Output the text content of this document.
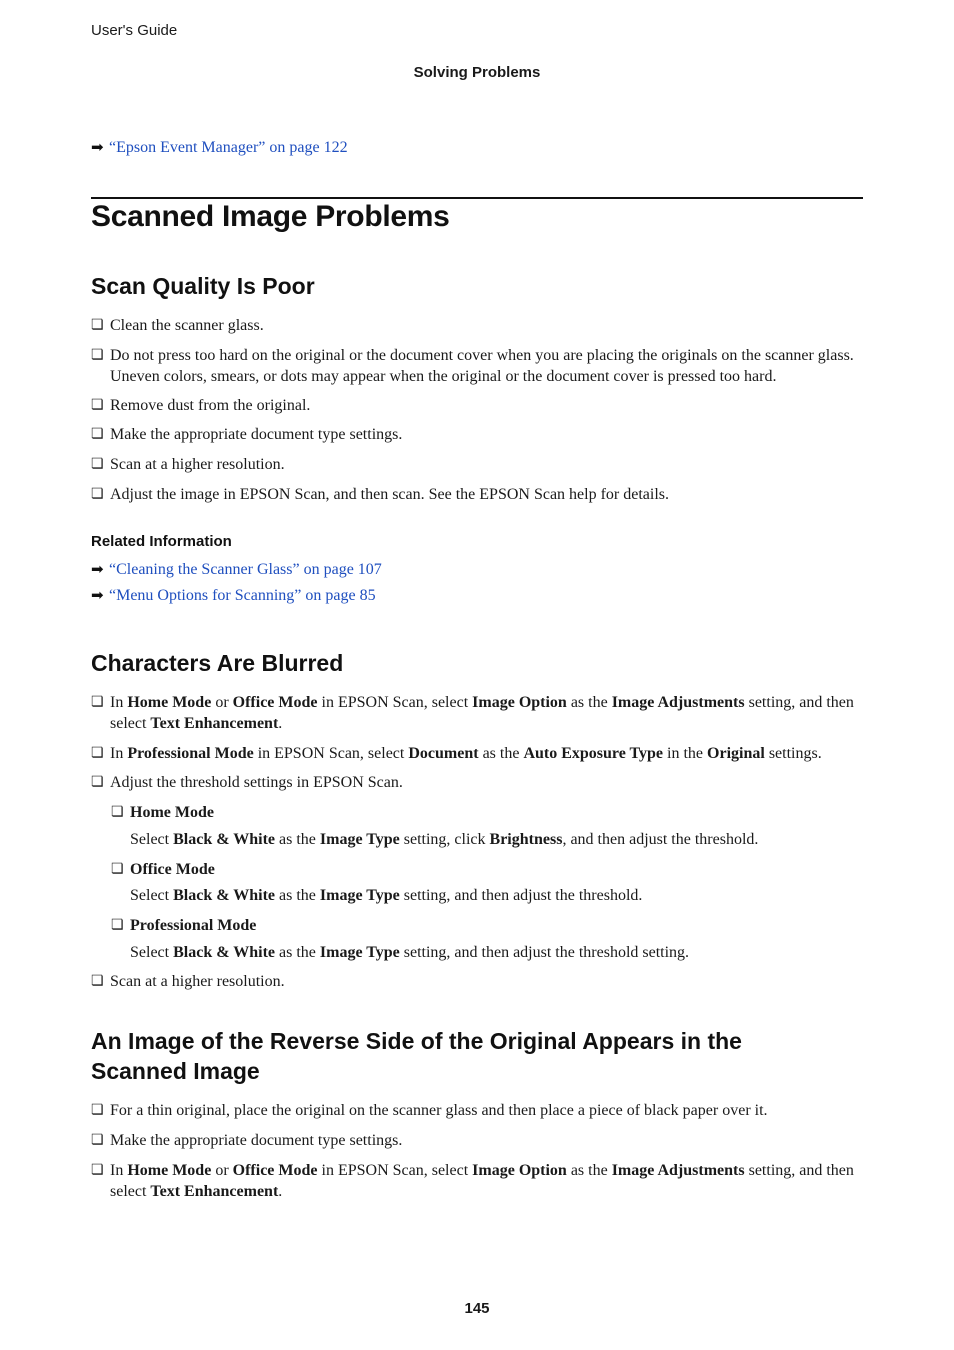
User's Guide
Solving Problems
➡ “Epson Event Manager” on page 122
Scanned Image Problems
Scan Quality Is Poor
❏ Clean the scanner glass.
❏ Do not press too hard on the original or the document cover when you are placing the originals on the scanner glass. Uneven colors, smears, or dots may appear when the original or the document cover is pressed too hard.
❏ Remove dust from the original.
❏ Make the appropriate document type settings.
❏ Scan at a higher resolution.
❏ Adjust the image in EPSON Scan, and then scan. See the EPSON Scan help for details.
Related Information
➡ “Cleaning the Scanner Glass” on page 107
➡ “Menu Options for Scanning” on page 85
Characters Are Blurred
❏ In Home Mode or Office Mode in EPSON Scan, select Image Option as the Image Adjustments setting, and then select Text Enhancement.
❏ In Professional Mode in EPSON Scan, select Document as the Auto Exposure Type in the Original settings.
❏ Adjust the threshold settings in EPSON Scan.
❏ Home Mode
Select Black & White as the Image Type setting, click Brightness, and then adjust the threshold.
❏ Office Mode
Select Black & White as the Image Type setting, and then adjust the threshold.
❏ Professional Mode
Select Black & White as the Image Type setting, and then adjust the threshold setting.
❏ Scan at a higher resolution.
An Image of the Reverse Side of the Original Appears in the
Scanned Image
❏ For a thin original, place the original on the scanner glass and then place a piece of black paper over it.
❏ Make the appropriate document type settings.
❏ In Home Mode or Office Mode in EPSON Scan, select Image Option as the Image Adjustments setting, and then select Text Enhancement.
145
